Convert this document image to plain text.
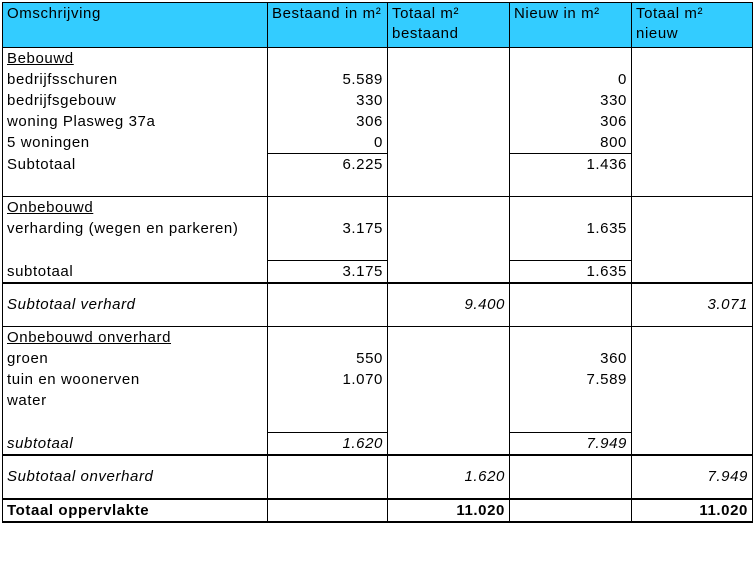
Omschrijving	Bestaand in m²	Totaal m² bestaand	Nieuw in m²	Totaal m² nieuw
Bebouwd				
bedrijfsschuren	5.589		0	
bedrijfsgebouw	330		330	
woning Plasweg 37a	306		306	
5 woningen	0		800	
Subtotaal	6.225		1.436	

Onbebouwd				
verharding (wegen en parkeren)	3.175		1.635	

subtotaal	3.175		1.635	
Subtotaal verhard		9.400		3.071
Onbebouwd onverhard				
groen	550		360	
tuin en woonerven	1.070		7.589	
water				

subtotaal	1.620		7.949	
Subtotaal onverhard		1.620		7.949
Totaal oppervlakte		11.020		11.020
